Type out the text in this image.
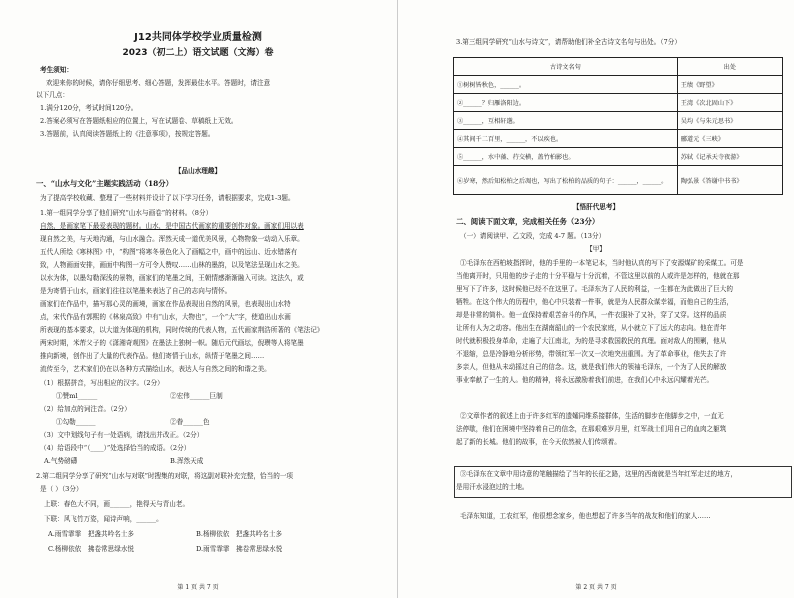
J12共同体学校学业质量检测
2023（初二上）语文试题（文海）卷
考生须知：
欢迎来你的时候，请你仔细思考、细心答题，发挥最佳水平。答题时，请注意
以下几点：
1.满分120分，考试时间120分。
2.答案必须写在答题纸相应的位置上，写在试题卷、草稿纸上无效。
3.答题前，认真阅读答题纸上的《注意事项》，按规定答题。
【品山水理趣】
一、“山水与文化”主题实践活动（18分）
为了提高学校收藏、整理了一些材料并设计了以下学习任务，请根据要求，完成1-3题。
1.第一组同学分享了他们研究“山水与画卷”的材料。（8分）
自然，是画家笔下最爱表现的题材。山水，是中国古代画家的重要创作对象。画家们用以表
现自然之美，与天地沟通，与山水融合。浑然天成一道优美风景，心物物象一动动入乐章。
五代人所绘《寒林图》中，“构图”将寒冬景色化入了画幅之中，画中的远山、近水错落有
致，人物画面安排，画面中构图一方可令人赞叹……山林的墨韵，以及笔法呈现山水之美。
以水为体，以墨勾勒深浅的景物，画家们的笔墨之间，王朝情感渐渐融入可读。这法久，或
是为寄情于山水，画家们往往以笔墨来表达了自己的志向与情怀。
画家们在作品中，描写那心灵的画境，画家在作品表现出自然的风景，也表现出山水特
点，宋代作品有郭熙的《林泉高致》中有“山水，大物也”，一个“大”字，使道出山水画
所表现的基本要求，以大道为体现的机构，同时传统的代表人物，五代画家荆浩所著的《笔法记》
两宋时期，米芾父子的《潇湘奇观图》在墨法上独树一帜。随后元代画坛，倪瓒等人将笔墨
推向新境，创作出了大量的代表作品。他们寄情于山水，纵情于笔墨之间……
流传至今，艺术家们仍在以各种方式描绘山水，表达人与自然之间的和谐之美。
（1）根据拼音，写出相应的汉字。（2分）
①赞ml______	②宏伟______巨制
（2）给加点的词注音。（2分）
①勾勒______	②眷______色
（3）文中划线句子有一处语病，请找出并改正。（2分）
（4）给语段中“（____）”处选择恰当的成语。（2分）
A.气势磅礴	B.浑然天成
2.第二组同学分享了研究“山水与对联”时搜集的对联，将这副对联补充完整，恰当的一项
是（ ）（3分）
上联：春色大不同，画______，艳得天与青山老。
下联：风飞竹万姿，闻诗声响，______。
A.雨雪霏霏　把盏共吟名士多	B.杨柳依依　把盏共吟名士多
C.杨柳依依　拂卷常思绿水悦	D.雨雪霏霏　拂卷常思绿水悦
第 1 页 共 7 页
3.第三组同学研究“山水与诗文”，请帮助他们补全古诗文名句与出处。（7分）
古诗文名句	出处
①树树皆秋色，______。	王绩《野望》
②______？归雁洛阳边。	王湾《次北固山下》
③______，互相轩邈。	吴均《与朱元思书》
④其间千二百里，______，不以疾也。	郦道元《三峡》
⑤______，水中藻、荇交横，盖竹柏影也。	苏轼《记承天寺夜游》
⑥岁寒，然后知松柏之后凋也，写出了松柏的品质的句子：______，______。	陶弘景《答谢中书书》
【悟肝代思考】
二、阅读下面文章，完成相关任务（23分）
（一）请阅读甲、乙文段，完成 4-7 题。（13分）
【甲】
①毛泽东在西柏坡指挥时，他的手里的一本笔记本，当时他认真的写下了安源煤矿的采煤工。可是
当他离开时，只用他的步子走的十分平稳与十分沉着，不管这里以前的人或许是怎样的，他就在那
里写下了许多，这时候他已经不在这里了。毛泽东为了人民的利益，一生都在为此做出了巨大的
牺牲。在这个伟大的历程中，他心中只装着一件事，就是为人民群众谋幸福，而他自己的生活，
却是非常的简朴。他一直保持着艰苦奋斗的作风，一件衣服补了又补，穿了又穿。这样的品质
让所有人为之动容。他出生在湖南韶山的一个农民家庭，从小就立下了远大的志向。他在青年
时代就积极投身革命，走遍了大江南北，为的是寻求救国救民的真理。面对敌人的围剿，他从
不退缩，总是冷静地分析形势，带领红军一次又一次地突出重围。为了革命事业，他失去了许
多亲人，但他从未动摇过自己的信念。这，就是我们伟大的领袖毛泽东，一个为了人民的解放
事业奉献了一生的人。他的精神，将永远激励着我们前进，在我们心中永远闪耀着光芒。
②文章作者的叙述上由于许多红军的遗孀同维系接群体，生活的脚步在他脚步之中，一直无
法停歇，他们在困境中坚持着自己的信念，在那艰难岁月里，红军战士们用自己的血肉之躯筑
起了新的长城。他们的故事，在今天依然被人们传颂着。
③毛泽东在文章中用诗意的笔触描绘了当年的长征之路，这里的西南就是当年红军走过的地方，
是用汗水浸泡过的土地。
毛泽东知道，工农红军，他很想念家乡，他也想起了许多当年的战友和他们的家人……
第 2 页 共 7 页
